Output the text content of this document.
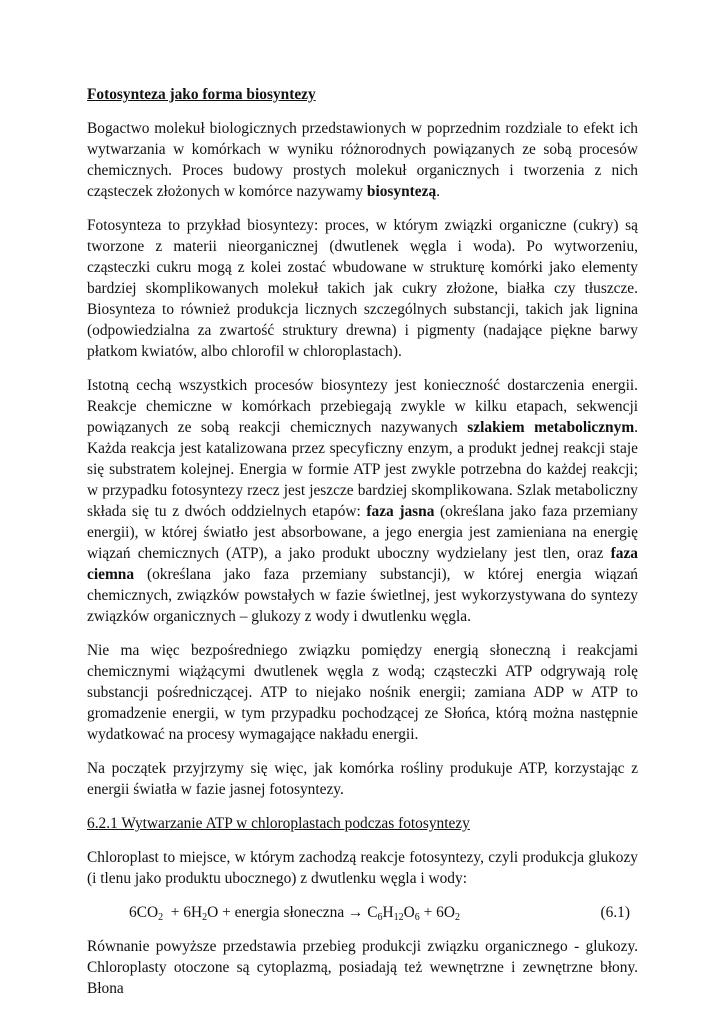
Fotosynteza jako forma biosyntezy

Bogactwo molekuł biologicznych przedstawionych w poprzednim rozdziale to efekt ich wytwarzania w komórkach w wyniku różnorodnych powiązanych ze sobą procesów chemicznych. Proces budowy prostych molekuł organicznych i tworzenia z nich cząsteczek złożonych w komórce nazywamy biosyntezą.

Fotosynteza to przykład biosyntezy: proces, w którym związki organiczne (cukry) są tworzone z materii nieorganicznej (dwutlenek węgla i woda). Po wytworzeniu, cząsteczki cukru mogą z kolei zostać wbudowane w strukturę komórki jako elementy bardziej skomplikowanych molekuł takich jak cukry złożone, białka czy tłuszcze. Biosynteza to również produkcja licznych szczególnych substancji, takich jak lignina (odpowiedzialna za zwartość struktury drewna) i pigmenty (nadające piękne barwy płatkom kwiatów, albo chlorofil w chloroplastach).

Istotną cechą wszystkich procesów biosyntezy jest konieczność dostarczenia energii. Reakcje chemiczne w komórkach przebiegają zwykle w kilku etapach, sekwencji powiązanych ze sobą reakcji chemicznych nazywanych szlakiem metabolicznym. Każda reakcja jest katalizowana przez specyficzny enzym, a produkt jednej reakcji staje się substratem kolejnej. Energia w formie ATP jest zwykle potrzebna do każdej reakcji; w przypadku fotosyntezy rzecz jest jeszcze bardziej skomplikowana. Szlak metaboliczny składa się tu z dwóch oddzielnych etapów: faza jasna (określana jako faza przemiany energii), w której światło jest absorbowane, a jego energia jest zamieniana na energię wiązań chemicznych (ATP), a jako produkt uboczny wydzielany jest tlen, oraz faza ciemna (określana jako faza przemiany substancji), w której energia wiązań chemicznych, związków powstałych w fazie świetlnej, jest wykorzystywana do syntezy związków organicznych – glukozy z wody i dwutlenku węgla.

Nie ma więc bezpośredniego związku pomiędzy energią słoneczną i reakcjami chemicznymi wiążącymi dwutlenek węgla z wodą; cząsteczki ATP odgrywają rolę substancji pośredniczącej. ATP to niejako nośnik energii; zamiana ADP w ATP to gromadzenie energii, w tym przypadku pochodzącej ze Słońca, którą można następnie wydatkować na procesy wymagające nakładu energii.

Na początek przyjrzymy się więc, jak komórka rośliny produkuje ATP, korzystając z energii światła w fazie jasnej fotosyntezy.

6.2.1 Wytwarzanie ATP w chloroplastach podczas fotosyntezy

Chloroplast to miejsce, w którym zachodzą reakcje fotosyntezy, czyli produkcja glukozy (i tlenu jako produktu ubocznego) z dwutlenku węgla i wody:

$6CO_2 + 6H_2O$ + energia słoneczna → $C_6H_{12}O_6 + 6O_2$	(6.1)

Równanie powyższe przedstawia przebieg produkcji związku organicznego - glukozy. Chloroplasty otoczone są cytoplazmą, posiadają też wewnętrzne i zewnętrzne błony. Błona
